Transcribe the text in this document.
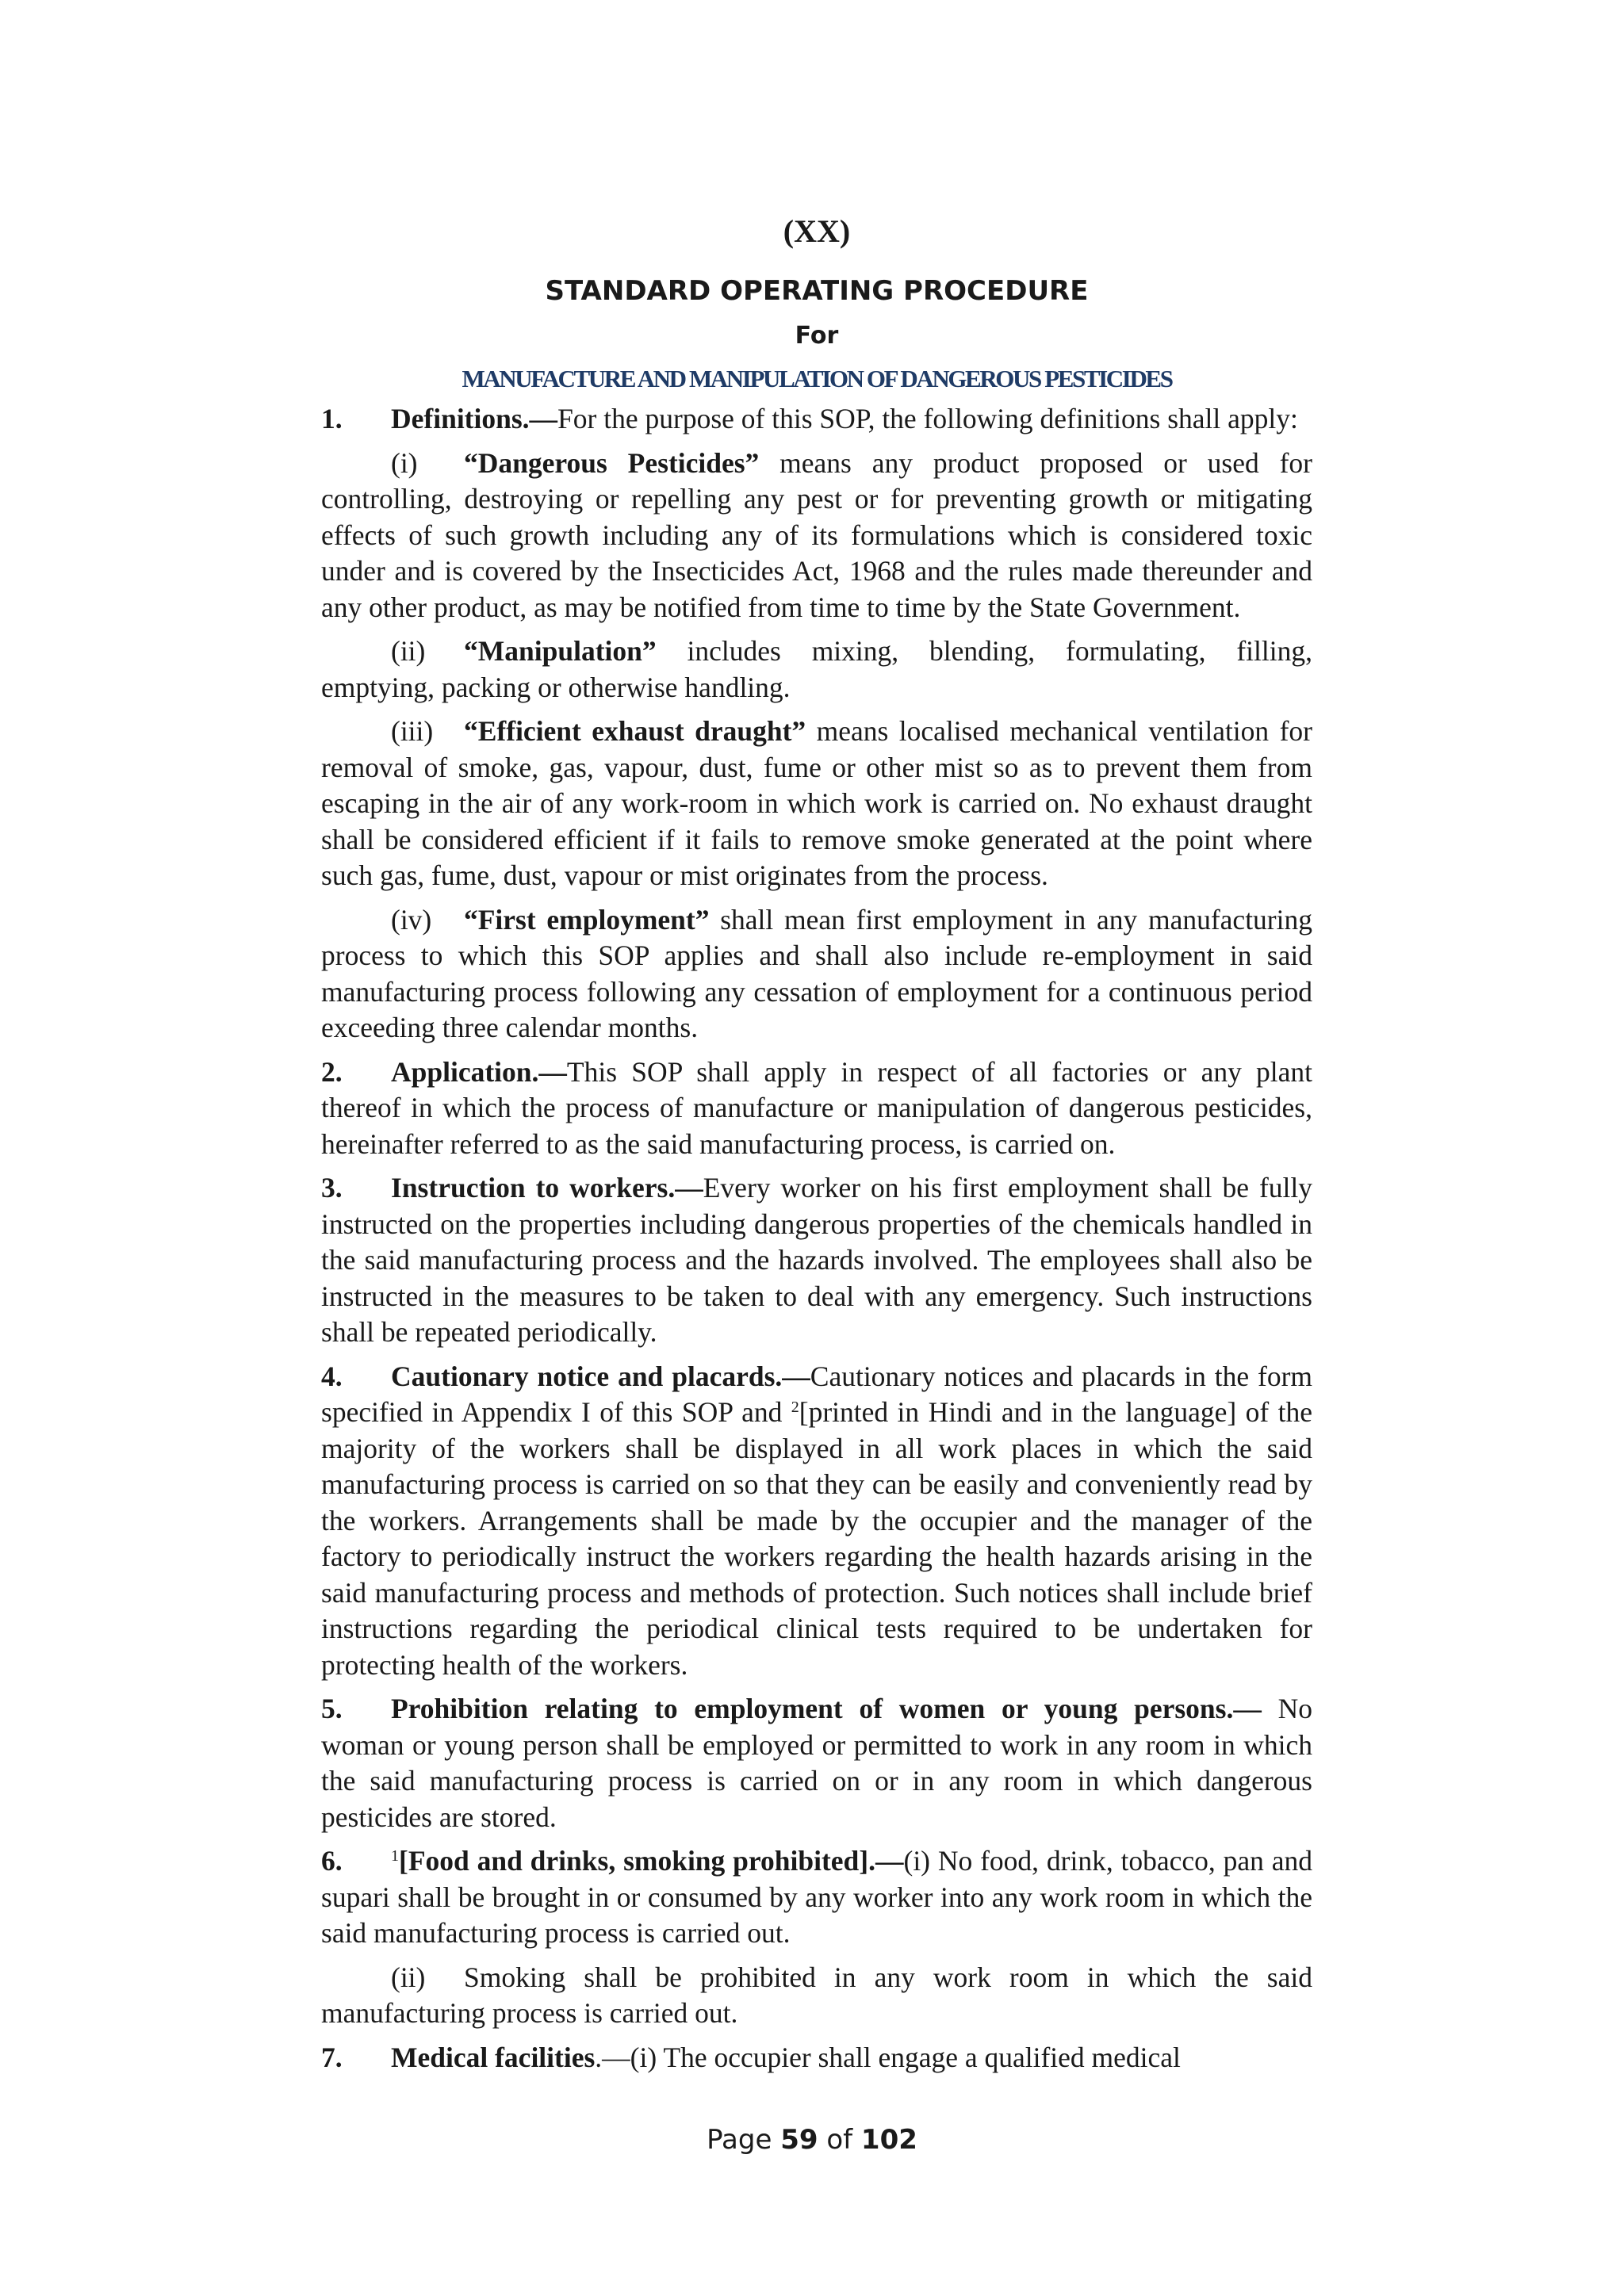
(XX)
STANDARD OPERATING PROCEDURE
For
MANUFACTURE AND MANIPULATION OF DANGEROUS PESTICIDES

1. Definitions.—For the purpose of this SOP, the following definitions shall apply:

(i) “Dangerous Pesticides” means any product proposed or used for controlling, destroying or repelling any pest or for preventing growth or mitigating effects of such growth including any of its formulations which is considered toxic under and is covered by the Insecticides Act, 1968 and the rules made thereunder and any other product, as may be notified from time to time by the State Government.

(ii) “Manipulation” includes mixing, blending, formulating, filling, emptying, packing or otherwise handling.

(iii) “Efficient exhaust draught” means localised mechanical ventilation for removal of smoke, gas, vapour, dust, fume or other mist so as to prevent them from escaping in the air of any work-room in which work is carried on. No exhaust draught shall be considered efficient if it fails to remove smoke generated at the point where such gas, fume, dust, vapour or mist originates from the process.

(iv) “First employment” shall mean first employment in any manufacturing process to which this SOP applies and shall also include re-employment in said manufacturing process following any cessation of employment for a continuous period exceeding three calendar months.

2. Application.—This SOP shall apply in respect of all factories or any plant thereof in which the process of manufacture or manipulation of dangerous pesticides, hereinafter referred to as the said manufacturing process, is carried on.

3. Instruction to workers.—Every worker on his first employment shall be fully instructed on the properties including dangerous properties of the chemicals handled in the said manufacturing process and the hazards involved. The employees shall also be instructed in the measures to be taken to deal with any emergency. Such instructions shall be repeated periodically.

4. Cautionary notice and placards.—Cautionary notices and placards in the form specified in Appendix I of this SOP and $^2$[printed in Hindi and in the language] of the majority of the workers shall be displayed in all work places in which the said manufacturing process is carried on so that they can be easily and conveniently read by the workers. Arrangements shall be made by the occupier and the manager of the factory to periodically instruct the workers regarding the health hazards arising in the said manufacturing process and methods of protection. Such notices shall include brief instructions regarding the periodical clinical tests required to be undertaken for protecting health of the workers.

5. Prohibition relating to employment of women or young persons.— No woman or young person shall be employed or permitted to work in any room in which the said manufacturing process is carried on or in any room in which dangerous pesticides are stored.

6.	$^1$[Food and drinks, smoking prohibited].—(i) No food, drink, tobacco, pan and supari shall be brought in or consumed by any worker into any work room in which the said manufacturing process is carried out.

(ii) Smoking shall be prohibited in any work room in which the said manufacturing process is carried out.

7. Medical facilities.—(i) The occupier shall engage a qualified medical

Page 59 of 102
